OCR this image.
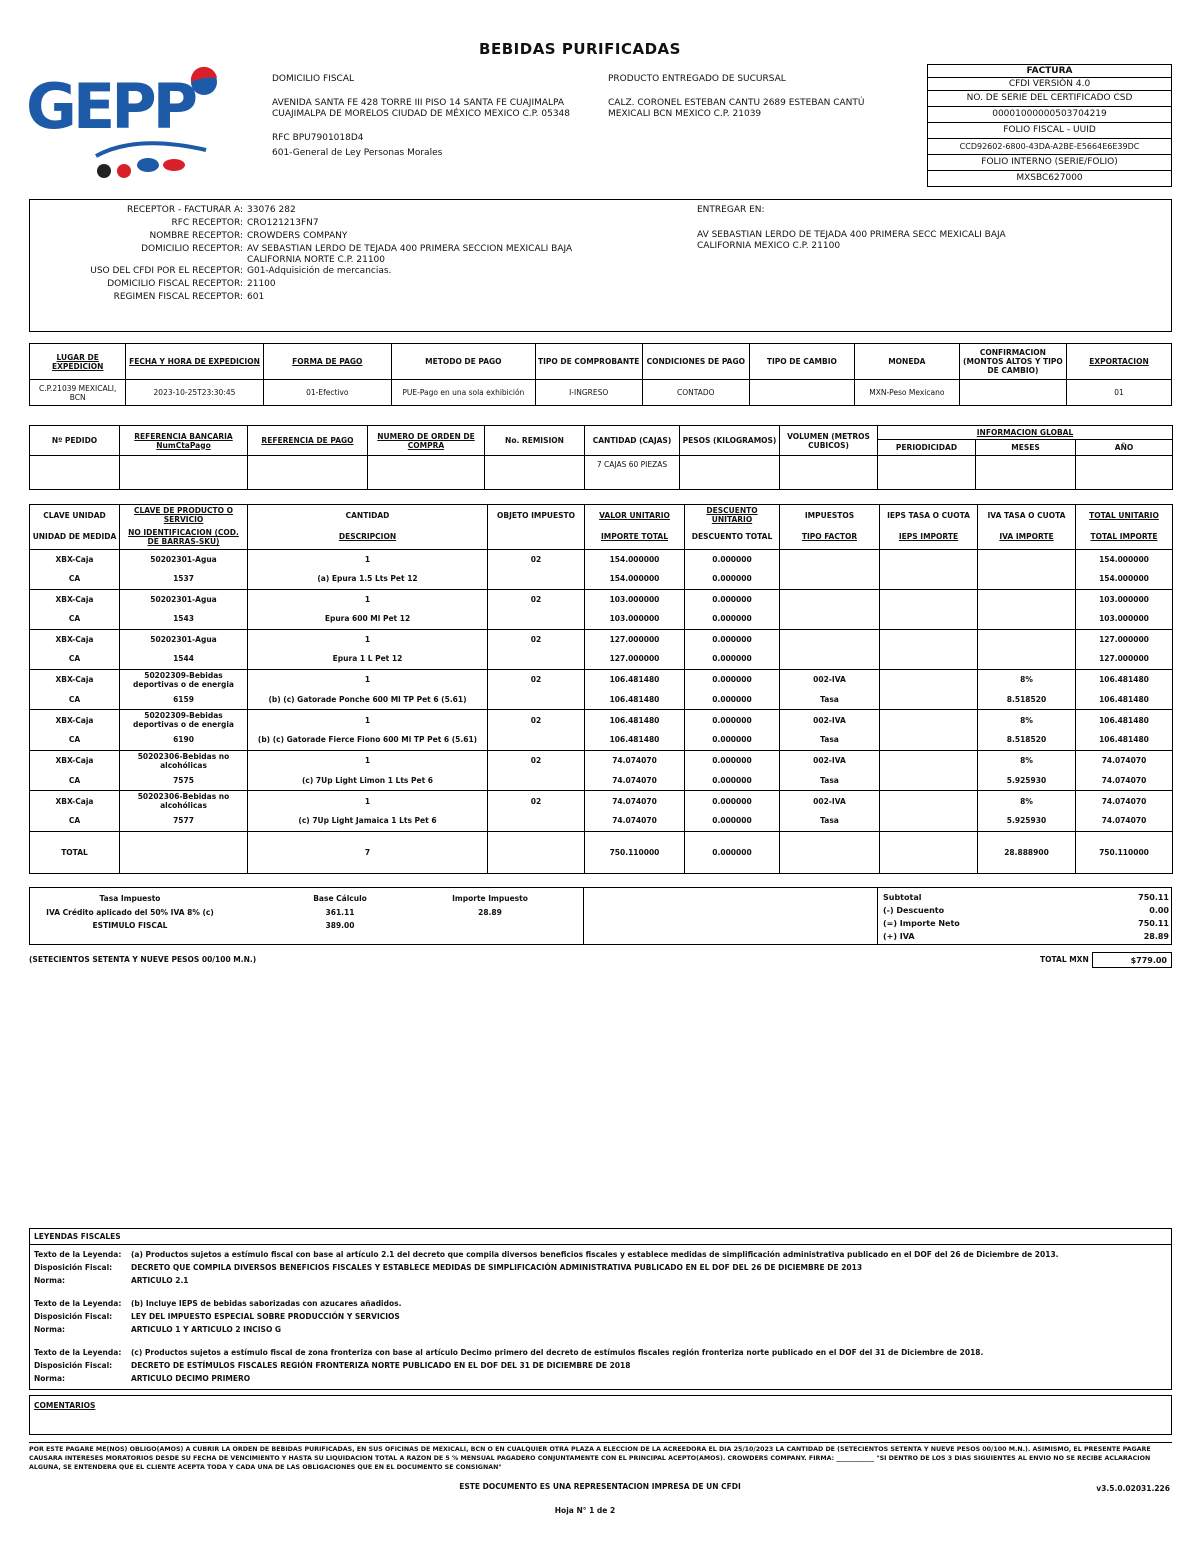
BEBIDAS PURIFICADAS
GEPP	DOMICILIO FISCAL
AVENIDA SANTA FE 428 TORRE III PISO 14 SANTA FE CUAJIMALPA CUAJIMALPA DE MORELOS CIUDAD DE MÉXICO MEXICO C.P. 05348
RFC BPU7901018D4
601-General de Ley Personas Morales
PRODUCTO ENTREGADO DE SUCURSAL
CALZ. CORONEL ESTEBAN CANTU 2689 ESTEBAN CANTÚ MEXICALI BCN MEXICO C.P. 21039
FACTURA
CFDI VERSIÓN 4.0
NO. DE SERIE DEL CERTIFICADO CSD
00001000000503704219
FOLIO FISCAL - UUID
CCD92602-6800-43DA-A2BE-E5664E6E39DC
FOLIO INTERNO (SERIE/FOLIO)
MXSBC627000
RECEPTOR - FACTURAR A: 33076 282
RFC RECEPTOR: CRO121213FN7
NOMBRE RECEPTOR: CROWDERS COMPANY
DOMICILIO RECEPTOR: AV SEBASTIAN LERDO DE TEJADA 400 PRIMERA SECCION MEXICALI BAJA CALIFORNIA NORTE C.P. 21100
USO DEL CFDI POR EL RECEPTOR: G01-Adquisición de mercancias.
DOMICILIO FISCAL RECEPTOR: 21100
REGIMEN FISCAL RECEPTOR: 601
ENTREGAR EN:
AV SEBASTIAN LERDO DE TEJADA 400 PRIMERA SECC MEXICALI BAJA CALIFORNIA MEXICO C.P. 21100
LUGAR DE EXPEDICION	FECHA Y HORA DE EXPEDICION	FORMA DE PAGO	METODO DE PAGO	TIPO DE COMPROBANTE	CONDICIONES DE PAGO	TIPO DE CAMBIO	MONEDA	CONFIRMACION (MONTOS ALTOS Y TIPO DE CAMBIO)	EXPORTACION
C.P.21039 MEXICALI, BCN	2023-10-25T23:30:45	01-Efectivo	PUE-Pago en una sola exhibición	I-INGRESO	CONTADO		MXN-Peso Mexicano		01
Nº PEDIDO	REFERENCIA BANCARIA NumCtaPago	REFERENCIA DE PAGO	NUMERO DE ORDEN DE COMPRA	No. REMISION	CANTIDAD (CAJAS)	PESOS (KILOGRAMOS)	VOLUMEN (METROS CUBICOS)	INFORMACION GLOBAL		
								PERIODICIDAD	MESES	AÑO
					7 CAJAS 60 PIEZAS					
CLAVE UNIDAD	CLAVE DE PRODUCTO O SERVICIO	CANTIDAD	OBJETO IMPUESTO	VALOR UNITARIO	DESCUENTO UNITARIO	IMPUESTOS	IEPS TASA O CUOTA	IVA TASA O CUOTA	TOTAL UNITARIO
UNIDAD DE MEDIDA	NO IDENTIFICACION (COD. DE BARRAS-SKU)	DESCRIPCION		IMPORTE TOTAL	DESCUENTO TOTAL	TIPO FACTOR	IEPS IMPORTE	IVA IMPORTE	TOTAL IMPORTE
XBX-Caja	50202301-Agua	1	02	154.000000	0.000000				154.000000
CA	1537	(a) Epura 1.5 Lts Pet 12		154.000000	0.000000				154.000000
XBX-Caja	50202301-Agua	1	02	103.000000	0.000000				103.000000
CA	1543	Epura 600 Ml Pet 12		103.000000	0.000000				103.000000
XBX-Caja	50202301-Agua	1	02	127.000000	0.000000				127.000000
CA	1544	Epura 1 L Pet 12		127.000000	0.000000				127.000000
XBX-Caja	50202309-Bebidas deportivas o de energia	1	02	106.481480	0.000000	002-IVA		8%	106.481480
CA	6159	(b) (c) Gatorade Ponche 600 Ml TP Pet 6 (5.61)		106.481480	0.000000	Tasa		8.518520	106.481480
XBX-Caja	50202309-Bebidas deportivas o de energia	1	02	106.481480	0.000000	002-IVA		8%	106.481480
CA	6190	(b) (c) Gatorade Fierce Fiono 600 Ml TP Pet 6 (5.61)		106.481480	0.000000	Tasa		8.518520	106.481480
XBX-Caja	50202306-Bebidas no alcohólicas	1	02	74.074070	0.000000	002-IVA		8%	74.074070
CA	7575	(c) 7Up Light Limon 1 Lts Pet 6		74.074070	0.000000	Tasa		5.925930	74.074070
XBX-Caja	50202306-Bebidas no alcohólicas	1	02	74.074070	0.000000	002-IVA		8%	74.074070
CA	7577	(c) 7Up Light Jamaica 1 Lts Pet 6		74.074070	0.000000	Tasa		5.925930	74.074070
TOTAL		7		750.110000	0.000000			28.888900	750.110000
Tasa Impuesto	Base Cálculo	Importe Impuesto
IVA Crédito aplicado del 50% IVA 8% (c)	361.11	28.89
ESTIMULO FISCAL	389.00
Subtotal	750.11
(-) Descuento	0.00
(=) Importe Neto	750.11
(+) IVA	28.89
(SETECIENTOS SETENTA Y NUEVE PESOS 00/100 M.N.)	TOTAL MXN	$779.00
LEYENDAS FISCALES
Texto de la Leyenda:	(a) Productos sujetos a estímulo fiscal con base al artículo 2.1 del decreto que compila diversos beneficios fiscales y establece medidas de simplificación administrativa publicado en el DOF del 26 de Diciembre de 2013.
Disposición Fiscal:	DECRETO QUE COMPILA DIVERSOS BENEFICIOS FISCALES Y ESTABLECE MEDIDAS DE SIMPLIFICACIÓN ADMINISTRATIVA PUBLICADO EN EL DOF DEL 26 DE DICIEMBRE DE 2013
Norma:	ARTICULO 2.1
Texto de la Leyenda:	(b) Incluye IEPS de bebidas saborizadas con azucares añadidos.
Disposición Fiscal:	LEY DEL IMPUESTO ESPECIAL SOBRE PRODUCCIÓN Y SERVICIOS
Norma:	ARTICULO 1 Y ARTICULO 2 INCISO G
Texto de la Leyenda:	(c) Productos sujetos a estímulo fiscal de zona fronteriza con base al artículo Decimo primero del decreto de estímulos fiscales región fronteriza norte publicado en el DOF del 31 de Diciembre de 2018.
Disposición Fiscal:	DECRETO DE ESTÍMULOS FISCALES REGIÓN FRONTERIZA NORTE PUBLICADO EN EL DOF DEL 31 DE DICIEMBRE DE 2018
Norma:	ARTICULO DECIMO PRIMERO
COMENTARIOS
POR ESTE PAGARE ME(NOS) OBLIGO(AMOS) A CUBRIR LA ORDEN DE BEBIDAS PURIFICADAS, EN SUS OFICINAS DE MEXICALI, BCN O EN CUALQUIER OTRA PLAZA A ELECCION DE LA ACREEDORA EL DIA 25/10/2023 LA CANTIDAD DE (SETECIENTOS SETENTA Y NUEVE PESOS 00/100 M.N.). ASIMISMO, EL PRESENTE PAGARE CAUSARA INTERESES MORATORIOS DESDE SU FECHA DE VENCIMIENTO Y HASTA SU LIQUIDACION TOTAL A RAZON DE 5 % MENSUAL PAGADERO CONJUNTAMENTE CON EL PRINCIPAL ACEPTO(AMOS). CROWDERS COMPANY. FIRMA: ____________ "SI DENTRO DE LOS 3 DIAS SIGUIENTES AL ENVIO NO SE RECIBE ACLARACION ALGUNA, SE ENTENDERA QUE EL CLIENTE ACEPTA TODA Y CADA UNA DE LAS OBLIGACIONES QUE EN EL DOCUMENTO SE CONSIGNAN"
ESTE DOCUMENTO ES UNA REPRESENTACION IMPRESA DE UN CFDI	v3.5.0.02031.226
Hoja N° 1 de 2
